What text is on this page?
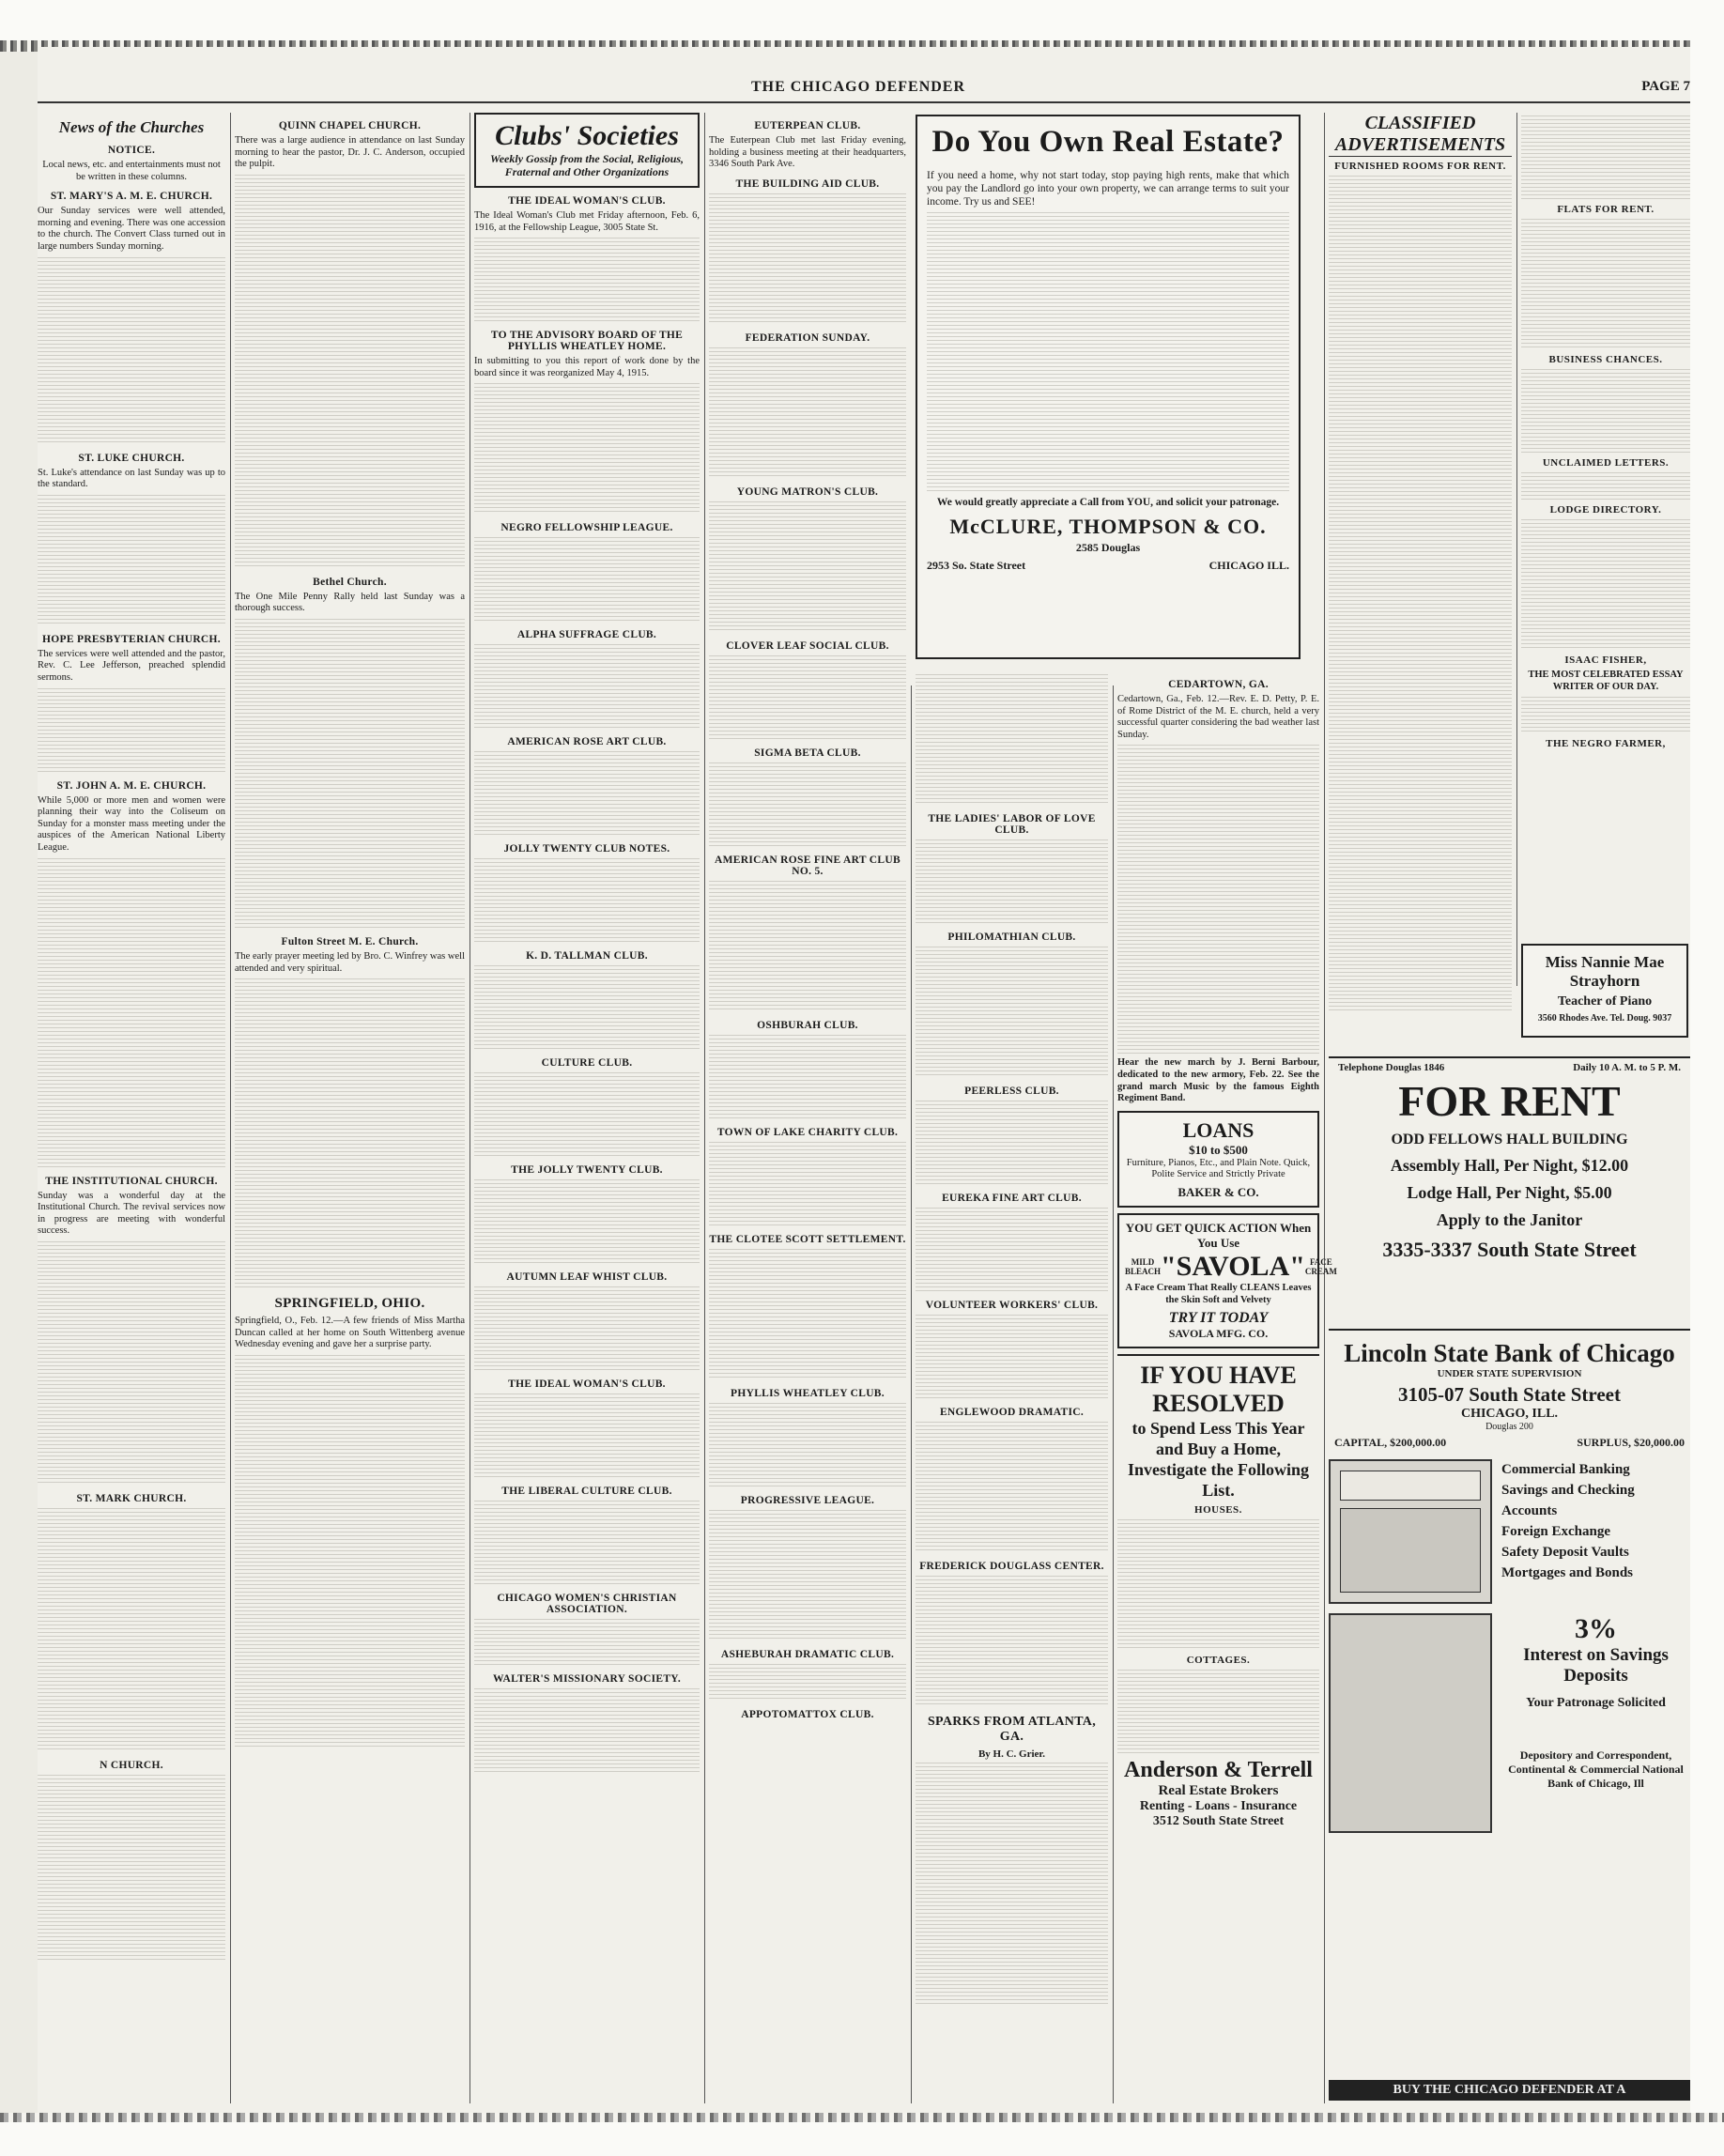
THE CHICAGO DEFENDER	PAGE 7
News of the Churches
NOTICE.

Local news, etc. and entertainments must not be written in these columns.

ST. MARY'S A. M. E. CHURCH.

Our Sunday services were well attended, morning and evening. There was one accession to the church. The Convert Class turned out in large numbers Sunday morning.

ST. LUKE CHURCH.

St. Luke's attendance on last Sunday was up to the standard.

HOPE PRESBYTERIAN CHURCH.

The services were well attended and the pastor, Rev. C. Lee Jefferson, preached splendid sermons.

ST. JOHN A. M. E. CHURCH.

While 5,000 or more men and women were planning their way into the Coliseum on Sunday for a monster mass meeting under the auspices of the American National Liberty League.

THE INSTITUTIONAL CHURCH.

Sunday was a wonderful day at the Institutional Church. The revival services now in progress are meeting with wonderful success.

ST. MARK CHURCH.
N CHURCH.
QUINN CHAPEL CHURCH.

There was a large audience in attendance on last Sunday morning to hear the pastor, Dr. J. C. Anderson, occupied the pulpit.

Bethel Church.

The One Mile Penny Rally held last Sunday was a thorough success.

Fulton Street M. E. Church.

The early prayer meeting led by Bro. C. Winfrey was well attended and very spiritual.

SPRINGFIELD, OHIO.

Springfield, O., Feb. 12.—A few friends of Miss Martha Duncan called at her home on South Wittenberg avenue Wednesday evening and gave her a surprise party.

Clubs' Societies
Weekly Gossip from the Social, Religious, Fraternal and Other Organizations
THE IDEAL WOMAN'S CLUB.

The Ideal Woman's Club met Friday afternoon, Feb. 6, 1916, at the Fellowship League, 3005 State St.

TO THE ADVISORY BOARD OF THE PHYLLIS WHEATLEY HOME.

In submitting to you this report of work done by the board since it was reorganized May 4, 1915.

NEGRO FELLOWSHIP LEAGUE.
ALPHA SUFFRAGE CLUB.
AMERICAN ROSE ART CLUB.
JOLLY TWENTY CLUB NOTES.
K. D. TALLMAN CLUB.
CULTURE CLUB.
THE JOLLY TWENTY CLUB.
AUTUMN LEAF WHIST CLUB.
THE IDEAL WOMAN'S CLUB.
THE LIBERAL CULTURE CLUB.
CHICAGO WOMEN'S CHRISTIAN ASSOCIATION.
WALTER'S MISSIONARY SOCIETY.
EUTERPEAN CLUB.

The Euterpean Club met last Friday evening, holding a business meeting at their headquarters, 3346 South Park Ave.

THE BUILDING AID CLUB.
FEDERATION SUNDAY.
YOUNG MATRON'S CLUB.
CLOVER LEAF SOCIAL CLUB.
SIGMA BETA CLUB.
AMERICAN ROSE FINE ART CLUB NO. 5.
OSHBURAH CLUB.
TOWN OF LAKE CHARITY CLUB.
THE CLOTEE SCOTT SETTLEMENT.
PHYLLIS WHEATLEY CLUB.
PROGRESSIVE LEAGUE.
ASHEBURAH DRAMATIC CLUB.
APPOTOMATTOX CLUB.
Do You Own Real Estate?

If you need a home, why not start today, stop paying high rents, make that which you pay the Landlord go into your own property, we can arrange terms to suit your income. Try us and SEE!

We would greatly appreciate a Call from YOU, and solicit your patronage.

McCLURE, THOMPSON & CO.
2585 Douglas
2953 So. State Street	CHICAGO ILL.
THE LADIES' LABOR OF LOVE CLUB.
PHILOMATHIAN CLUB.
PEERLESS CLUB.
EUREKA FINE ART CLUB.
VOLUNTEER WORKERS' CLUB.
ENGLEWOOD DRAMATIC.
FREDERICK DOUGLASS CENTER.
SPARKS FROM ATLANTA, GA.
By H. C. Grier.
CEDARTOWN, GA.

Cedartown, Ga., Feb. 12.—Rev. E. D. Petty, P. E. of Rome District of the M. E. church, held a very successful quarter considering the bad weather last Sunday.

Hear the new march by J. Berni Barbour, dedicated to the new armory, Feb. 22. See the grand march Music by the famous Eighth Regiment Band.

LOANS
$10 to $500

Furniture, Pianos, Etc., and Plain Note. Quick, Polite Service and Strictly Private

BAKER & CO.
YOU GET QUICK ACTION When You Use
MILD BLEACH "SAVOLA" FACE CREAM

A Face Cream That Really CLEANS Leaves the Skin Soft and Velvety

TRY IT TODAY
SAVOLA MFG. CO.
IF YOU HAVE RESOLVED
to Spend Less This Year and Buy a Home, Investigate the Following List.
HOUSES.
COTTAGES.
Anderson & Terrell
Real Estate Brokers
Renting - Loans - Insurance
3512 South State Street
CLASSIFIED ADVERTISEMENTS
FURNISHED ROOMS FOR RENT.
FLATS FOR RENT.
BUSINESS CHANCES.
UNCLAIMED LETTERS.
LODGE DIRECTORY.
ISAAC FISHER,

THE MOST CELEBRATED ESSAY WRITER OF OUR DAY.

THE NEGRO FARMER,
Miss Nannie Mae Strayhorn
Teacher of Piano
3560 Rhodes Ave. Tel. Doug. 9037
Telephone Douglas 1846	Daily 10 A. M. to 5 P. M.
FOR RENT
ODD FELLOWS HALL BUILDING
Assembly Hall, Per Night, $12.00
Lodge Hall, Per Night, $5.00
Apply to the Janitor
3335-3337 South State Street
Lincoln State Bank of Chicago
UNDER STATE SUPERVISION
3105-07 South State Street
CHICAGO, ILL.
Douglas 200
CAPITAL, $200,000.00	SURPLUS, $20,000.00
Commercial Banking
Savings and Checking Accounts
Foreign Exchange
Safety Deposit Vaults
Mortgages and Bonds
3%
Interest on Savings Deposits
Your Patronage Solicited
Depository and Correspondent, Continental & Commercial National Bank of Chicago, Ill
BUY THE CHICAGO DEFENDER AT A
